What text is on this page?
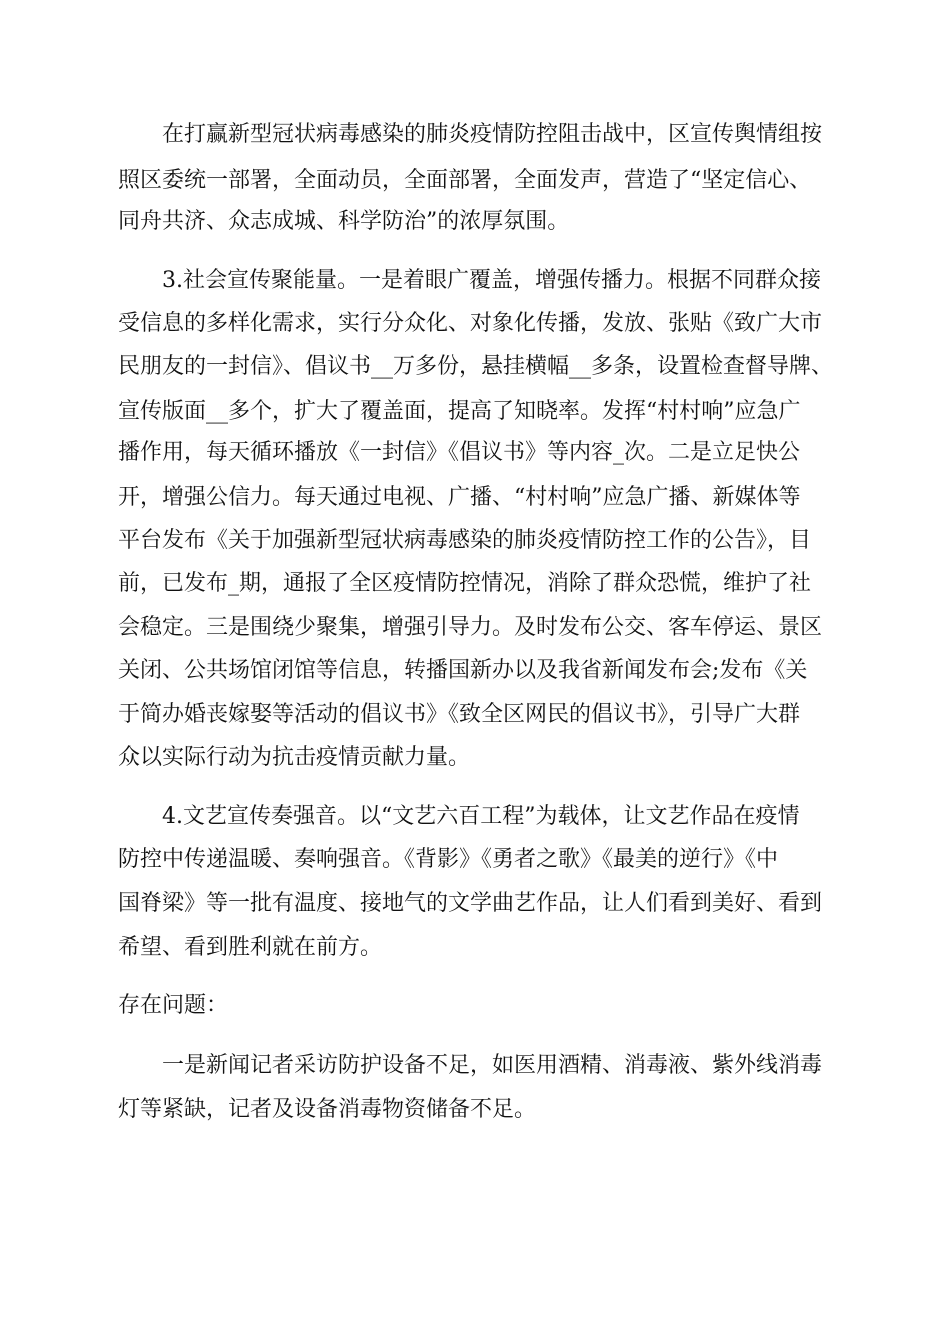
在打赢新型冠状病毒感染的肺炎疫情防控阻击战中，区宣传舆情组按
照区委统一部署，全面动员，全面部署，全面发声，营造了“坚定信心、
同舟共济、众志成城、科学防治”的浓厚氛围。
3.社会宣传聚能量。一是着眼广覆盖，增强传播力。根据不同群众接
受信息的多样化需求，实行分众化、对象化传播，发放、张贴《致广大市
民朋友的一封信》、倡议书__万多份，悬挂横幅__多条，设置检查督导牌、
宣传版面__多个，扩大了覆盖面，提高了知晓率。发挥“村村响”应急广
播作用，每天循环播放《一封信》《倡议书》等内容_次。二是立足快公
开，增强公信力。每天通过电视、广播、“村村响”应急广播、新媒体等
平台发布《关于加强新型冠状病毒感染的肺炎疫情防控工作的公告》，目
前，已发布_期，通报了全区疫情防控情况，消除了群众恐慌，维护了社
会稳定。三是围绕少聚集，增强引导力。及时发布公交、客车停运、景区
关闭、公共场馆闭馆等信息，转播国新办以及我省新闻发布会;发布《关
于简办婚丧嫁娶等活动的倡议书》《致全区网民的倡议书》，引导广大群
众以实际行动为抗击疫情贡献力量。
4.文艺宣传奏强音。以“文艺六百工程”为载体，让文艺作品在疫情
防控中传递温暖、奏响强音。《背影》《勇者之歌》《最美的逆行》《中
国脊梁》等一批有温度、接地气的文学曲艺作品，让人们看到美好、看到
希望、看到胜利就在前方。
存在问题：
一是新闻记者采访防护设备不足，如医用酒精、消毒液、紫外线消毒
灯等紧缺，记者及设备消毒物资储备不足。
